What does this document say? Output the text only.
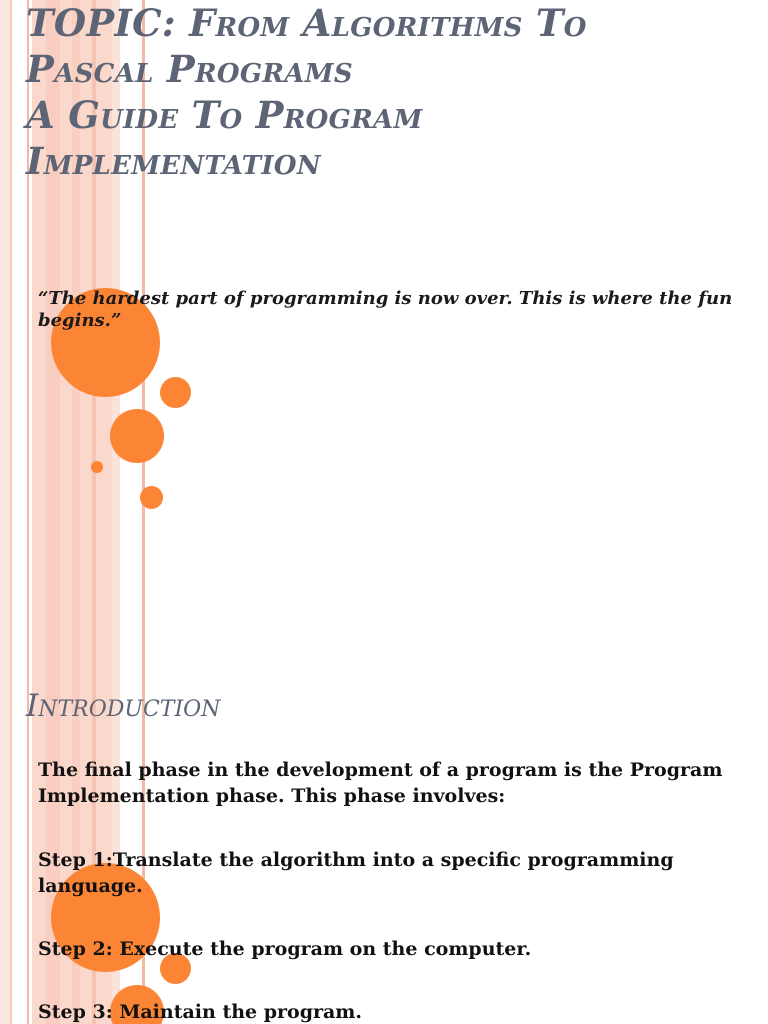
TOPIC: From Algorithms To
Pascal Programs
A Guide To Program
Implementation

“The hardest part of programming is now over. This is where the fun begins.”

Introduction

The final phase in the development of a program is the Program Implementation phase. This phase involves:

Step 1:Translate the algorithm into a specific programming language.

Step 2: Execute the program on the computer.

Step 3: Maintain the program.
